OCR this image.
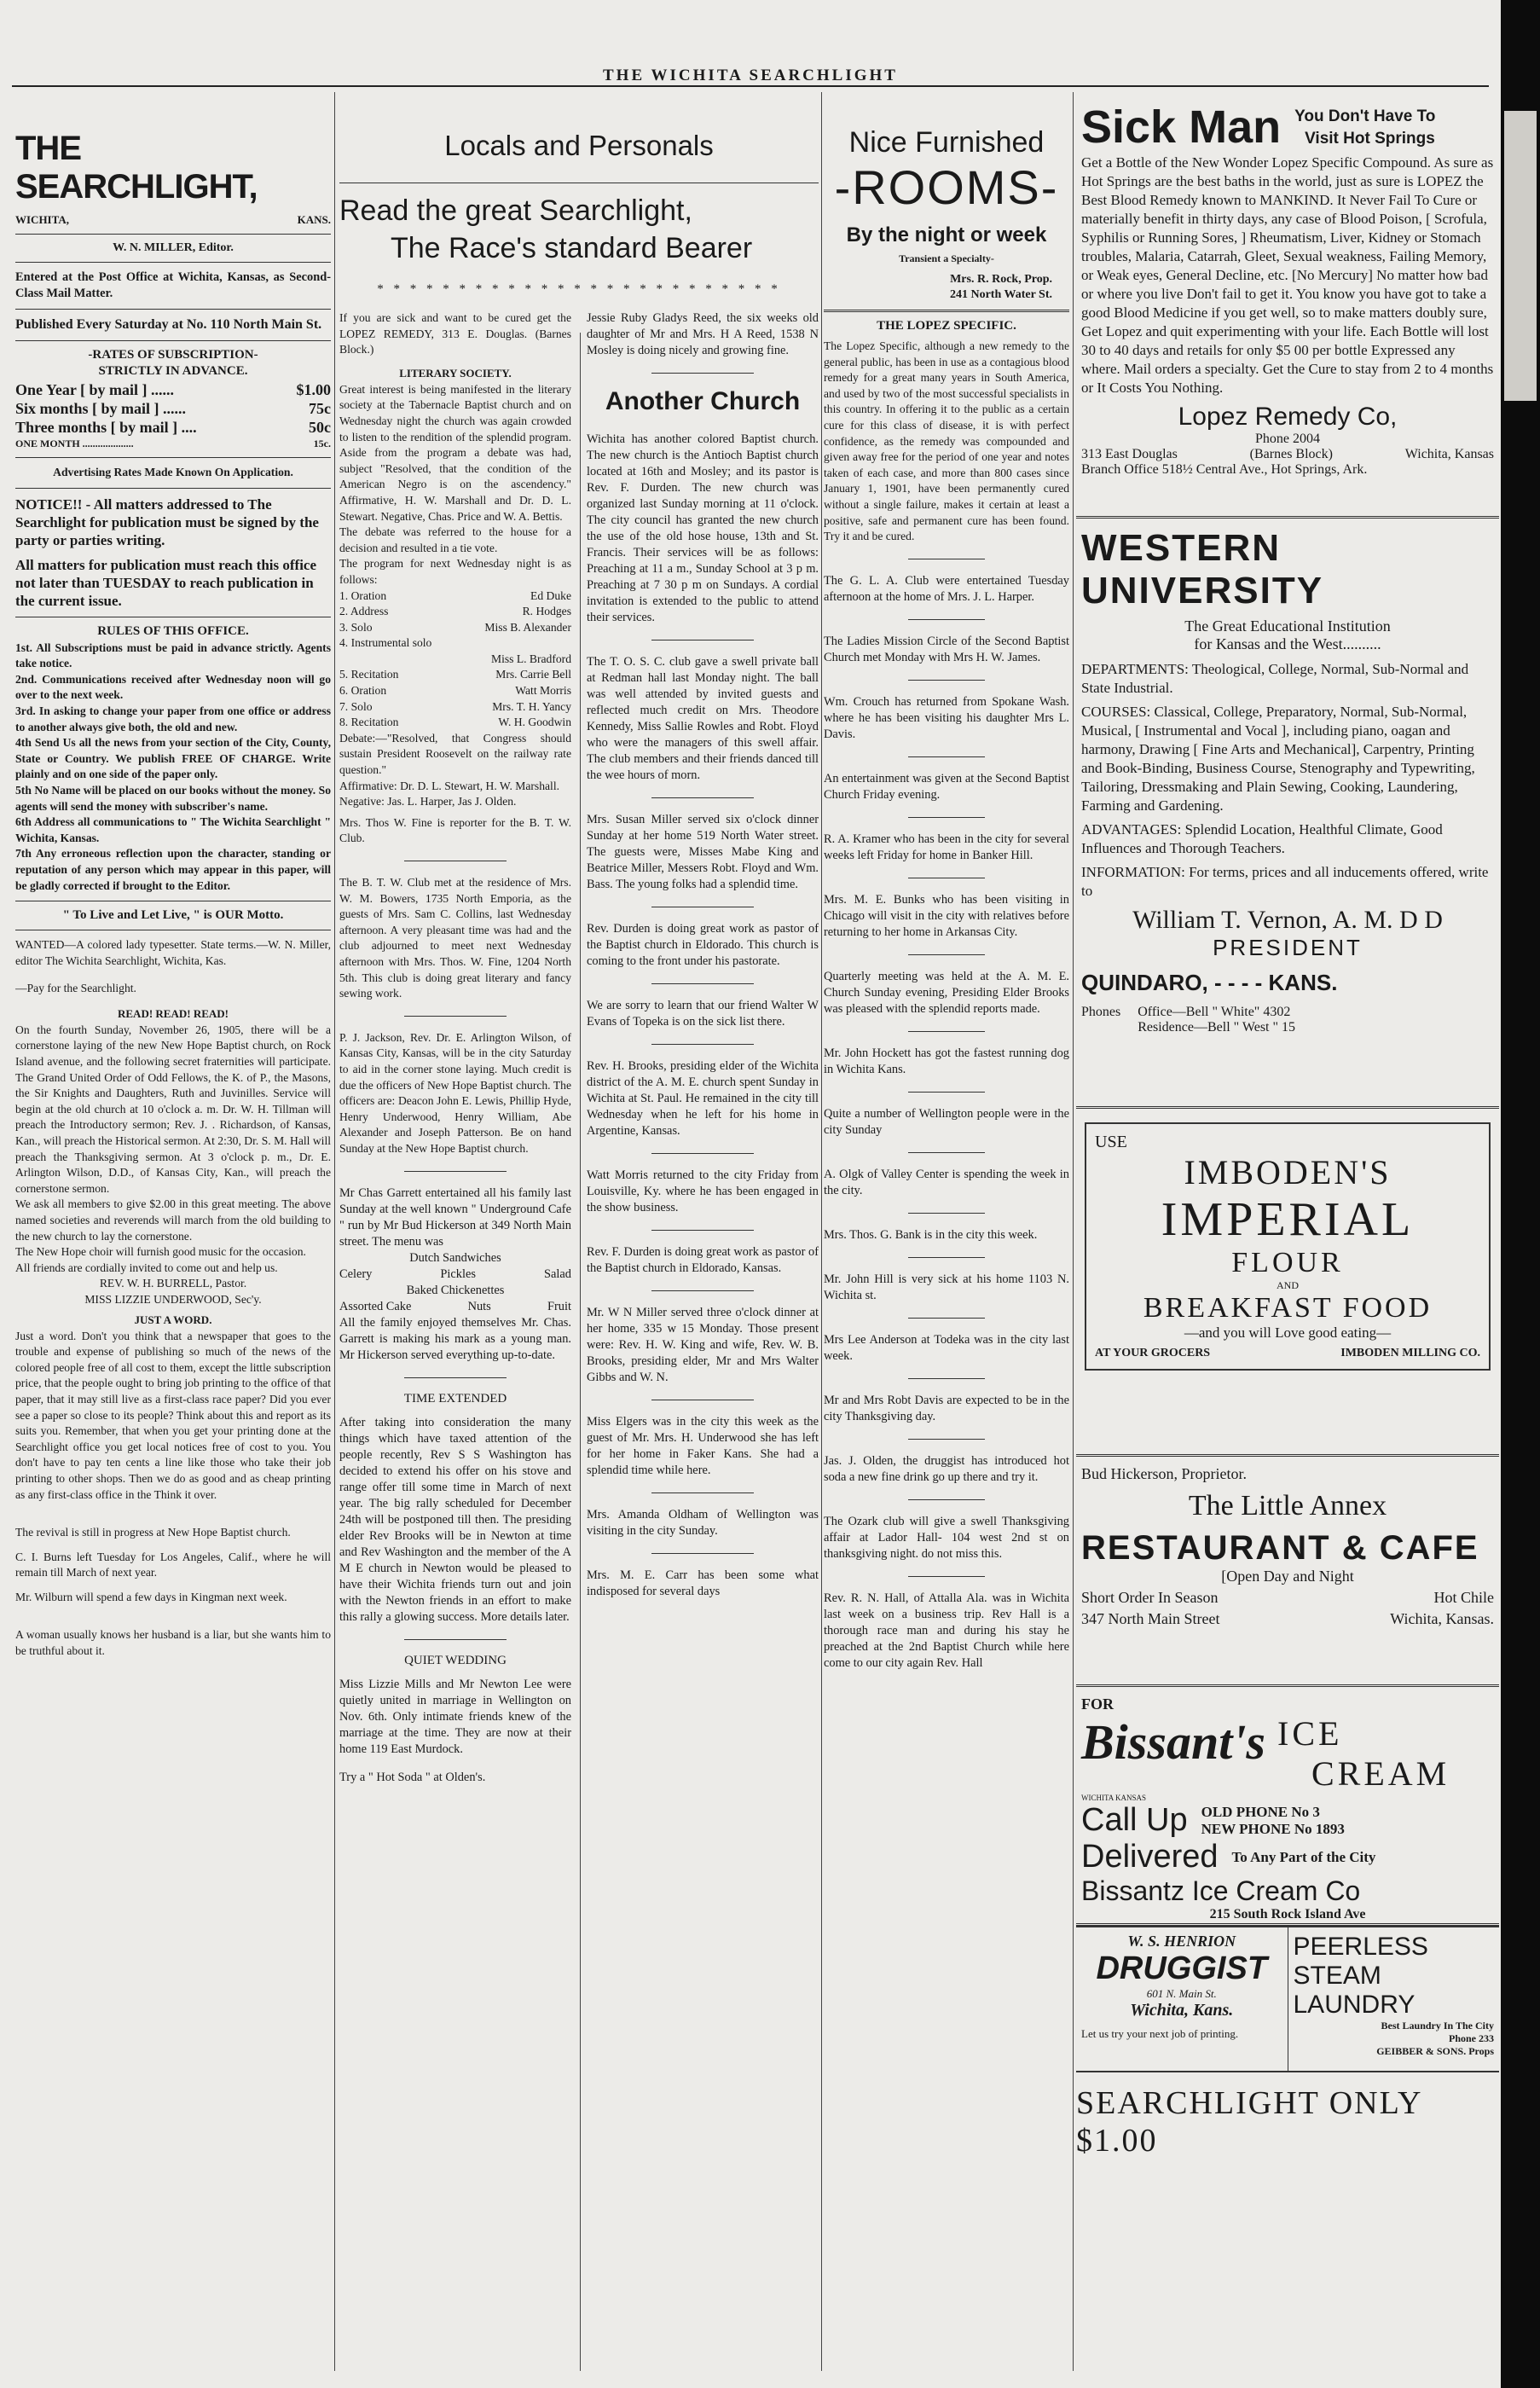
THE WICHITA SEARCHLIGHT
THE SEARCHLIGHT,
WICHITA,	KANS.
W. N. MILLER, Editor.

Entered at the Post Office at Wichita, Kansas, as Second-Class Mail Matter.

Published Every Saturday at No. 110 North Main St.

-RATES OF SUBSCRIPTION-
STRICTLY IN ADVANCE.
One Year [ by mail ] ......	$1.00
Six months [ by mail ] ......	75c
Three months [ by mail ] ....	50c
ONE MONTH ....................	15c.

Advertising Rates Made Known On Application.

NOTICE!! - All matters addressed to The Searchlight for publication must be signed by the party or parties writing.

All matters for publication must reach this office not later than TUESDAY to reach publication in the current issue.

RULES OF THIS OFFICE.

1st. All Subscriptions must be paid in advance strictly. Agents take notice.

2nd. Communications received after Wednesday noon will go over to the next week.

3rd. In asking to change your paper from one office or address to another always give both, the old and new.

4th Send Us all the news from your section of the City, County, State or Country. We publish FREE OF CHARGE. Write plainly and on one side of the paper only.

5th No Name will be placed on our books without the money. So agents will send the money with subscriber's name.

6th Address all communications to " The Wichita Searchlight " Wichita, Kansas.

7th Any erroneous reflection upon the character, standing or reputation of any person which may appear in this paper, will be gladly corrected if brought to the Editor.

" To Live and Let Live, " is OUR Motto.

WANTED—A colored lady typesetter. State terms.—W. N. Miller, editor The Wichita Searchlight, Wichita, Kas.

—Pay for the Searchlight.

READ! READ! READ!

On the fourth Sunday, November 26, 1905, there will be a cornerstone laying of the new New Hope Baptist church, on Rock Island avenue, and the following secret fraternities will participate. The Grand United Order of Odd Fellows, the K. of P., the Masons, the Sir Knights and Daughters, Ruth and Juvinilles. Service will begin at the old church at 10 o'clock a. m. Dr. W. H. Tillman will preach the Introductory sermon; Rev. J. . Richardson, of Kansas, Kan., will preach the Historical sermon. At 2:30, Dr. S. M. Hall will preach the Thanksgiving sermon. At 3 o'clock p. m., Dr. E. Arlington Wilson, D.D., of Kansas City, Kan., will preach the cornerstone sermon.

We ask all members to give $2.00 in this great meeting. The above named societies and reverends will march from the old building to the new church to lay the cornerstone.

The New Hope choir will furnish good music for the occasion.

All friends are cordially invited to come out and help us.

REV. W. H. BURRELL, Pastor.

MISS LIZZIE UNDERWOOD, Sec'y.

JUST A WORD.

Just a word. Don't you think that a newspaper that goes to the trouble and expense of publishing so much of the news of the colored people free of all cost to them, except the little subscription price, that the people ought to bring job printing to the office of that paper, that it may still live as a first-class race paper? Did you ever see a paper so close to its people? Think about this and report as its suits you. Remember, that when you get your printing done at the Searchlight office you get local notices free of cost to you. You don't have to pay ten cents a line like those who take their job printing to other shops. Then we do as good and as cheap printing as any first-class office in the Think it over.

The revival is still in progress at New Hope Baptist church.

C. I. Burns left Tuesday for Los Angeles, Calif., where he will remain till March of next year.

Mr. Wilburn will spend a few days in Kingman next week.

A woman usually knows her husband is a liar, but she wants him to be truthful about it.

Locals and Personals
Read the great Searchlight,
The Race's standard Bearer
* * * * * * * * * * * * * * * * * * * * * * * * *

If you are sick and want to be cured get the LOPEZ REMEDY, 313 E. Douglas. (Barnes Block.)

LITERARY SOCIETY.

Great interest is being manifested in the literary society at the Tabernacle Baptist church and on Wednesday night the church was again crowded to listen to the rendition of the splendid program. Aside from the program a debate was had, subject "Resolved, that the condition of the American Negro is on the ascendency." Affirmative, H. W. Marshall and Dr. D. L. Stewart. Negative, Chas. Price and W. A. Bettis.

The debate was referred to the house for a decision and resulted in a tie vote.

The program for next Wednesday night is as follows:

1. Oration	Ed Duke
2. Address	R. Hodges
3. Solo	Miss B. Alexander
4. Instrumental solo
Miss L. Bradford
5. Recitation	Mrs. Carrie Bell
6. Oration	Watt Morris
7. Solo	Mrs. T. H. Yancy
8. Recitation	W. H. Goodwin

Debate:—"Resolved, that Congress should sustain President Roosevelt on the railway rate question."

Affirmative: Dr. D. L. Stewart, H. W. Marshall.

Negative: Jas. L. Harper, Jas J. Olden.

Mrs. Thos W. Fine is reporter for the B. T. W. Club.

The B. T. W. Club met at the residence of Mrs. W. M. Bowers, 1735 North Emporia, as the guests of Mrs. Sam C. Collins, last Wednesday afternoon. A very pleasant time was had and the club adjourned to meet next Wednesday afternoon with Mrs. Thos. W. Fine, 1204 North 5th. This club is doing great literary and fancy sewing work.

P. J. Jackson, Rev. Dr. E. Arlington Wilson, of Kansas City, Kansas, will be in the city Saturday to aid in the corner stone laying. Much credit is due the officers of New Hope Baptist church. The officers are: Deacon John E. Lewis, Phillip Hyde, Henry Underwood, Henry William, Abe Alexander and Joseph Patterson. Be on hand Sunday at the New Hope Baptist church.

Mr Chas Garrett entertained all his family last Sunday at the well known " Underground Cafe " run by Mr Bud Hickerson at 349 North Main street. The menu was

Dutch Sandwiches
Celery	Pickles	Salad
Baked Chickenettes
Assorted Cake	Nuts	Fruit

All the family enjoyed themselves Mr. Chas. Garrett is making his mark as a young man. Mr Hickerson served everything up-to-date.

TIME EXTENDED

After taking into consideration the many things which have taxed attention of the people recently, Rev S S Washington has decided to extend his offer on his stove and range offer till some time in March of next year. The big rally scheduled for December 24th will be postponed till then. The presiding elder Rev Brooks will be in Newton at time and Rev Washington and the member of the A M E church in Newton would be pleased to have their Wichita friends turn out and join with the Newton friends in an effort to make this rally a glowing success. More details later.

QUIET WEDDING

Miss Lizzie Mills and Mr Newton Lee were quietly united in marriage in Wellington on Nov. 6th. Only intimate friends knew of the marriage at the time. They are now at their home 119 East Murdock.

Try a " Hot Soda " at Olden's.

Jessie Ruby Gladys Reed, the six weeks old daughter of Mr and Mrs. H A Reed, 1538 N Mosley is doing nicely and growing fine.

Another Church

Wichita has another colored Baptist church. The new church is the Antioch Baptist church located at 16th and Mosley; and its pastor is Rev. F. Durden. The new church was organized last Sunday morning at 11 o'clock. The city council has granted the new church the use of the old hose house, 13th and St. Francis. Their services will be as follows: Preaching at 11 a m., Sunday School at 3 p m. Preaching at 7 30 p m on Sundays. A cordial invitation is extended to the public to attend their services.

The T. O. S. C. club gave a swell private ball at Redman hall last Monday night. The ball was well attended by invited guests and reflected much credit on Mrs. Theodore Kennedy, Miss Sallie Rowles and Robt. Floyd who were the managers of this swell affair. The club members and their friends danced till the wee hours of morn.

Mrs. Susan Miller served six o'clock dinner Sunday at her home 519 North Water street. The guests were, Misses Mabe King and Beatrice Miller, Messers Robt. Floyd and Wm. Bass. The young folks had a splendid time.

Rev. Durden is doing great work as pastor of the Baptist church in Eldorado. This church is coming to the front under his pastorate.

We are sorry to learn that our friend Walter W Evans of Topeka is on the sick list there.

Rev. H. Brooks, presiding elder of the Wichita district of the A. M. E. church spent Sunday in Wichita at St. Paul. He remained in the city till Wednesday when he left for his home in Argentine, Kansas.

Watt Morris returned to the city Friday from Louisville, Ky. where he has been engaged in the show business.

Rev. F. Durden is doing great work as pastor of the Baptist church in Eldorado, Kansas.

Mr. W N Miller served three o'clock dinner at her home, 335 w 15 Monday. Those present were: Rev. H. W. King and wife, Rev. W. B. Brooks, presiding elder, Mr and Mrs Walter Gibbs and W. N.

Miss Elgers was in the city this week as the guest of Mr. Mrs. H. Underwood she has left for her home in Faker Kans. She had a splendid time while here.

Mrs. Amanda Oldham of Wellington was visiting in the city Sunday.

Mrs. M. E. Carr has been some what indisposed for several days

Nice Furnished
-ROOMS-
By the night or week
Transient a Specialty-
Mrs. R. Rock, Prop.
241 North Water St.
THE LOPEZ SPECIFIC.

The Lopez Specific, although a new remedy to the general public, has been in use as a contagious blood remedy for a great many years in South America, and used by two of the most successful specialists in this country. In offering it to the public as a certain cure for this class of disease, it is with perfect confidence, as the remedy was compounded and given away free for the period of one year and notes taken of each case, and more than 800 cases since January 1, 1901, have been permanently cured without a single failure, makes it certain at least a positive, safe and permanent cure has been found. Try it and be cured.

The G. L. A. Club were entertained Tuesday afternoon at the home of Mrs. J. L. Harper.

The Ladies Mission Circle of the Second Baptist Church met Monday with Mrs H. W. James.

Wm. Crouch has returned from Spokane Wash. where he has been visiting his daughter Mrs L. Davis.

An entertainment was given at the Second Baptist Church Friday evening.

R. A. Kramer who has been in the city for several weeks left Friday for home in Banker Hill.

Mrs. M. E. Bunks who has been visiting in Chicago will visit in the city with relatives before returning to her home in Arkansas City.

Quarterly meeting was held at the A. M. E. Church Sunday evening, Presiding Elder Brooks was pleased with the splendid reports made.

Mr. John Hockett has got the fastest running dog in Wichita Kans.

Quite a number of Wellington people were in the city Sunday

A. Olgk of Valley Center is spending the week in the city.

Mrs. Thos. G. Bank is in the city this week.

Mr. John Hill is very sick at his home 1103 N. Wichita st.

Mrs Lee Anderson at Todeka was in the city last week.

Mr and Mrs Robt Davis are expected to be in the city Thanksgiving day.

Jas. J. Olden, the druggist has introduced hot soda a new fine drink go up there and try it.

The Ozark club will give a swell Thanksgiving affair at Lador Hall- 104 west 2nd st on thanksgiving night. do not miss this.

Rev. R. N. Hall, of Attalla Ala. was in Wichita last week on a business trip. Rev Hall is a thorough race man and during his stay he preached at the 2nd Baptist Church while here come to our city again Rev. Hall

Sick Man You Don't Have To
Visit Hot Springs

Get a Bottle of the New Wonder Lopez Specific Compound. As sure as Hot Springs are the best baths in the world, just as sure is LOPEZ the Best Blood Remedy known to MANKIND. It Never Fail To Cure or materially benefit in thirty days, any case of Blood Poison, [ Scrofula, Syphilis or Running Sores, ] Rheumatism, Liver, Kidney or Stomach troubles, Malaria, Catarrah, Gleet, Sexual weakness, Failing Memory, or Weak eyes, General Decline, etc. [No Mercury] No matter how bad or where you live Don't fail to get it. You know you have got to take a good Blood Medicine if you get well, so to make matters doubly sure, Get Lopez and quit experimenting with your life. Each Bottle will lost 30 to 40 days and retails for only $5 00 per bottle Expressed any where. Mail orders a specialty. Get the Cure to stay from 2 to 4 months or It Costs You Nothing.

Lopez Remedy Co,
Phone 2004
313 East Douglas	(Barnes Block)	Wichita, Kansas
Branch Office 518½ Central Ave., Hot Springs, Ark.
WESTERN UNIVERSITY
The Great Educational Institution
for Kansas and the West..........

DEPARTMENTS: Theological, College, Normal, Sub-Normal and State Industrial.

COURSES: Classical, College, Preparatory, Normal, Sub-Normal, Musical, [ Instrumental and Vocal ], including piano, oagan and harmony, Drawing [ Fine Arts and Mechanical], Carpentry, Printing and Book-Binding, Business Course, Stenography and Typewriting, Tailoring, Dressmaking and Plain Sewing, Cooking, Laundering, Farming and Gardening.

ADVANTAGES: Splendid Location, Healthful Climate, Good Influences and Thorough Teachers.

INFORMATION: For terms, prices and all inducements offered, write to

William T. Vernon, A. M. D D
PRESIDENT
QUINDARO, - - - - KANS.
Phones Office—Bell " White" 4302
Residence—Bell " West " 15
USE
IMBODEN'S
IMPERIAL
FLOUR
AND
BREAKFAST FOOD
—and you will Love good eating—
AT YOUR GROCERS	IMBODEN MILLING CO.
Bud Hickerson, Proprietor.
The Little Annex
RESTAURANT & CAFE
[Open Day and Night
Short Order In Season	Hot Chile
347 North Main Street	Wichita, Kansas.
FOR
Bissant's ICE
CREAM
WICHITA KANSAS
Call Up OLD PHONE No 3
NEW PHONE No 1893
Delivered To Any Part of the City
Bissantz Ice Cream Co
215 South Rock Island Ave
W. S. HENRION
DRUGGIST
601 N. Main St.
Wichita, Kans.
Let us try your next job of printing.
PEERLESS
STEAM
LAUNDRY
Best Laundry In The City
Phone 233
GEIBBER & SONS. Props
SEARCHLIGHT ONLY $1.00
